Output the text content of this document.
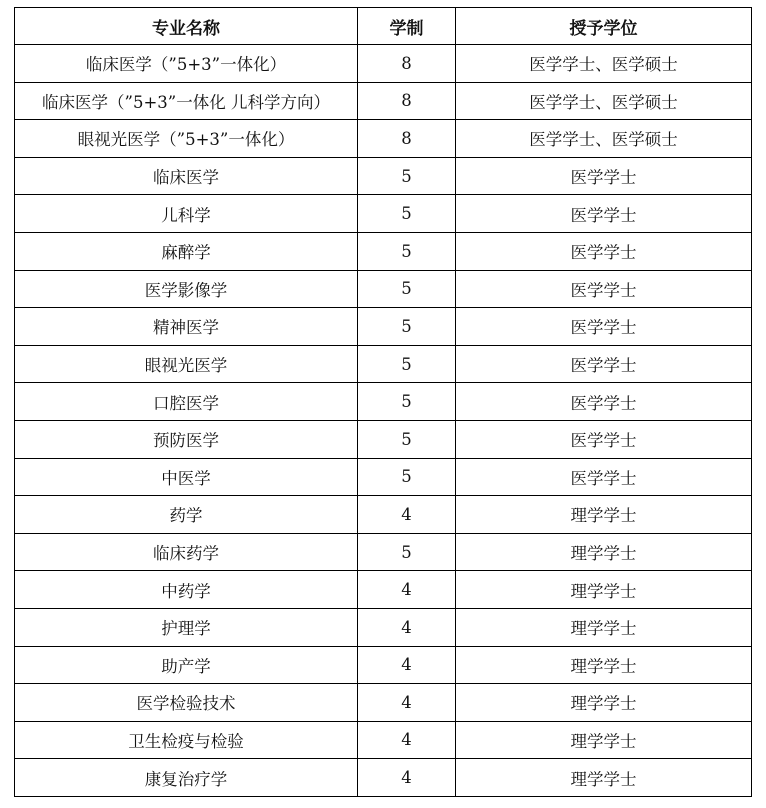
专业名称	学制	授予学位
临床医学（”5+3”一体化）	8	医学学士、医学硕士
临床医学（”5+3”一体化 儿科学方向）	8	医学学士、医学硕士
眼视光医学（”5+3”一体化）	8	医学学士、医学硕士
临床医学	5	医学学士
儿科学	5	医学学士
麻醉学	5	医学学士
医学影像学	5	医学学士
精神医学	5	医学学士
眼视光医学	5	医学学士
口腔医学	5	医学学士
预防医学	5	医学学士
中医学	5	医学学士
药学	4	理学学士
临床药学	5	理学学士
中药学	4	理学学士
护理学	4	理学学士
助产学	4	理学学士
医学检验技术	4	理学学士
卫生检疫与检验	4	理学学士
康复治疗学	4	理学学士
